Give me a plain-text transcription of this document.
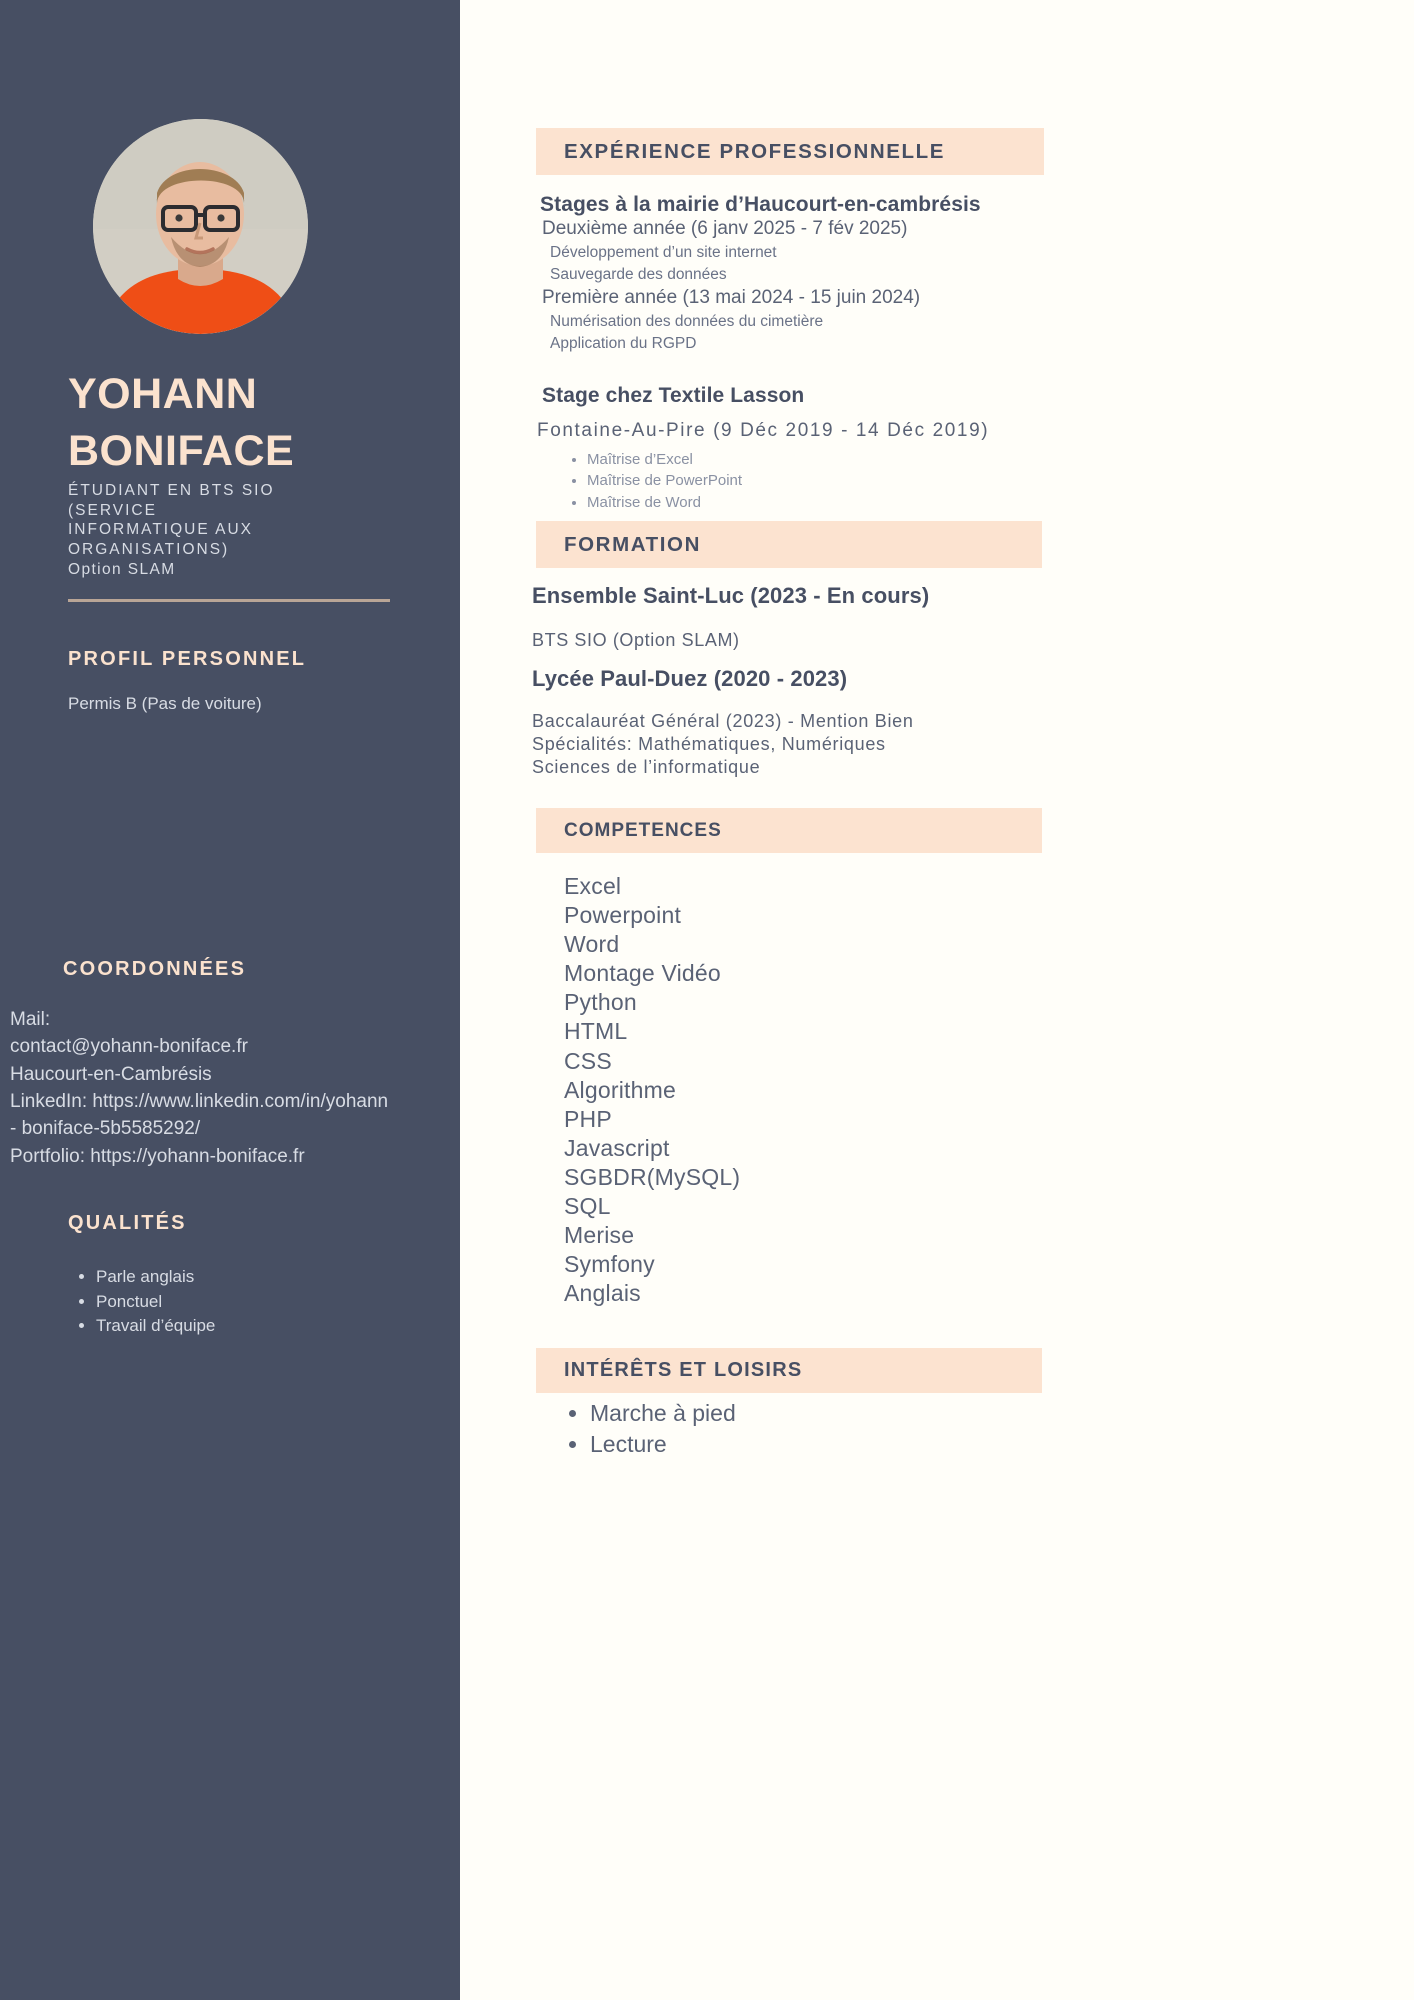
YOHANN
BONIFACE
ÉTUDIANT EN BTS SIO
(SERVICE
INFORMATIQUE AUX
ORGANISATIONS)
Option SLAM
PROFIL PERSONNEL
Permis B (Pas de voiture)
COORDONNÉES
Mail:
contact@yohann-boniface.fr
Haucourt-en-Cambrésis
LinkedIn: https://www.linkedin.com/in/yohann
- boniface-5b5585292/
Portfolio: https://yohann-boniface.fr
QUALITÉS
• Parle anglais
• Ponctuel
• Travail d’équipe
EXPÉRIENCE PROFESSIONNELLE
Stages à la mairie d’Haucourt-en-cambrésis
Deuxième année (6 janv 2025 - 7 fév 2025)
Développement d’un site internet
Sauvegarde des données
Première année (13 mai 2024 - 15 juin 2024)
Numérisation des données du cimetière
Application du RGPD
Stage chez Textile Lasson
Fontaine-Au-Pire (9 Déc 2019 - 14 Déc 2019)
• Maîtrise d’Excel
• Maîtrise de PowerPoint
• Maîtrise de Word
FORMATION
Ensemble Saint-Luc (2023 - En cours)
BTS SIO (Option SLAM)
Lycée Paul-Duez (2020 - 2023)
Baccalauréat Général (2023) - Mention Bien
Spécialités: Mathématiques, Numériques
Sciences de l’informatique
COMPETENCES
Excel
Powerpoint
Word
Montage Vidéo
Python
HTML
CSS
Algorithme
PHP
Javascript
SGBDR(MySQL)
SQL
Merise
Symfony
Anglais
INTÉRÊTS ET LOISIRS
• Marche à pied
• Lecture
